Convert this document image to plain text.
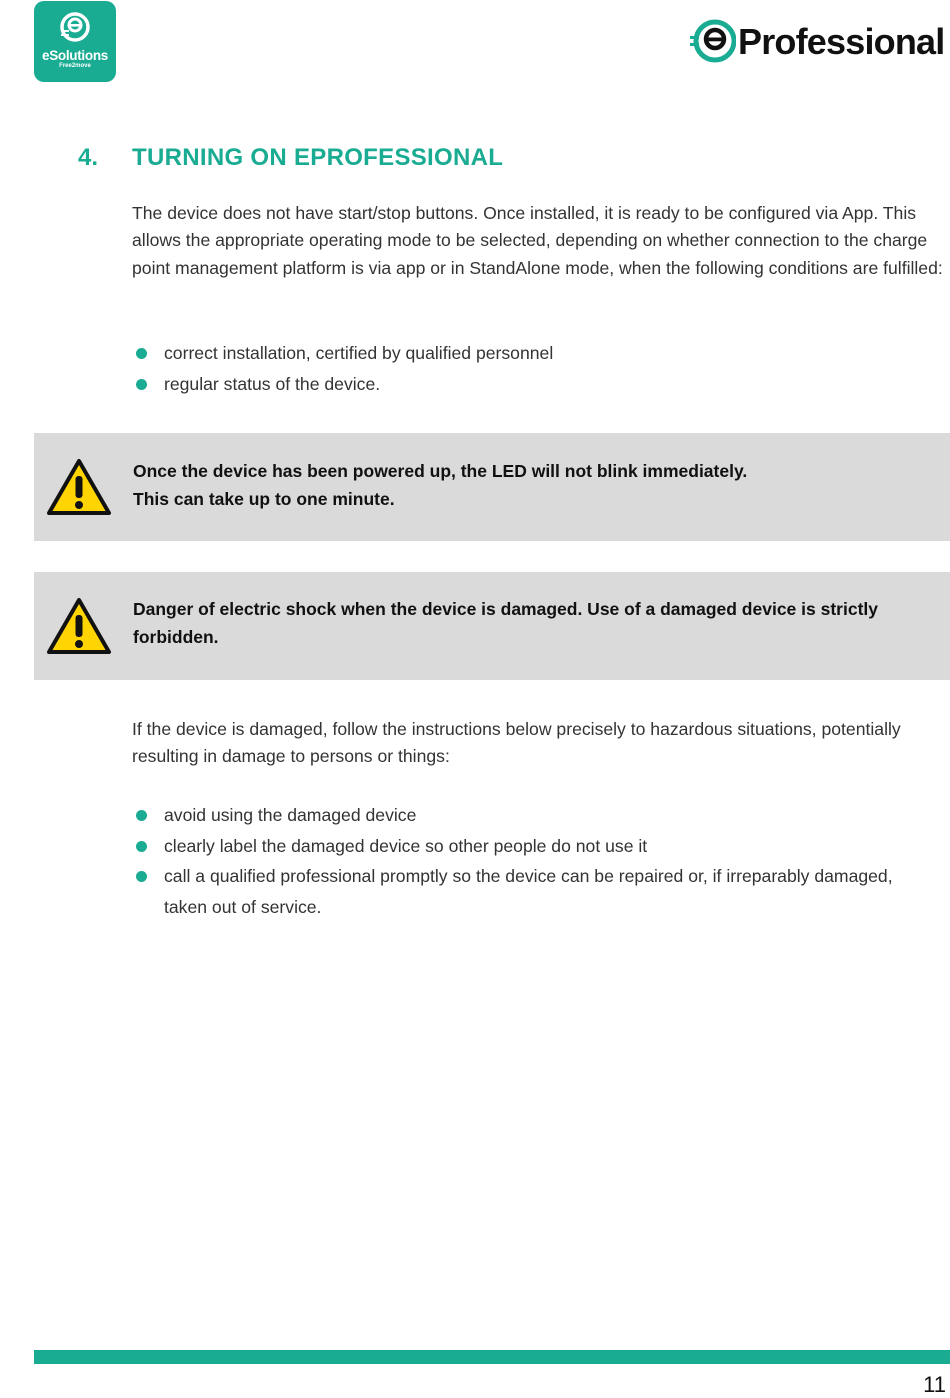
eSolutions
Free2move
Professional
4. TURNING ON EPROFESSIONAL
The device does not have start/stop buttons. Once installed, it is ready to be configured via App. This allows the appropriate operating mode to be selected, depending on whether connection to the charge point management platform is via app or in StandAlone mode, when the following conditions are fulfilled:
correct installation, certified by qualified personnel
regular status of the device.
Once the device has been powered up, the LED will not blink immediately.
This can take up to one minute.
Danger of electric shock when the device is damaged. Use of a damaged device is strictly forbidden.
If the device is damaged, follow the instructions below precisely to hazardous situations, potentially resulting in damage to persons or things:
avoid using the damaged device
clearly label the damaged device so other people do not use it
call a qualified professional promptly so the device can be repaired or, if irreparably damaged, taken out of service.
11
